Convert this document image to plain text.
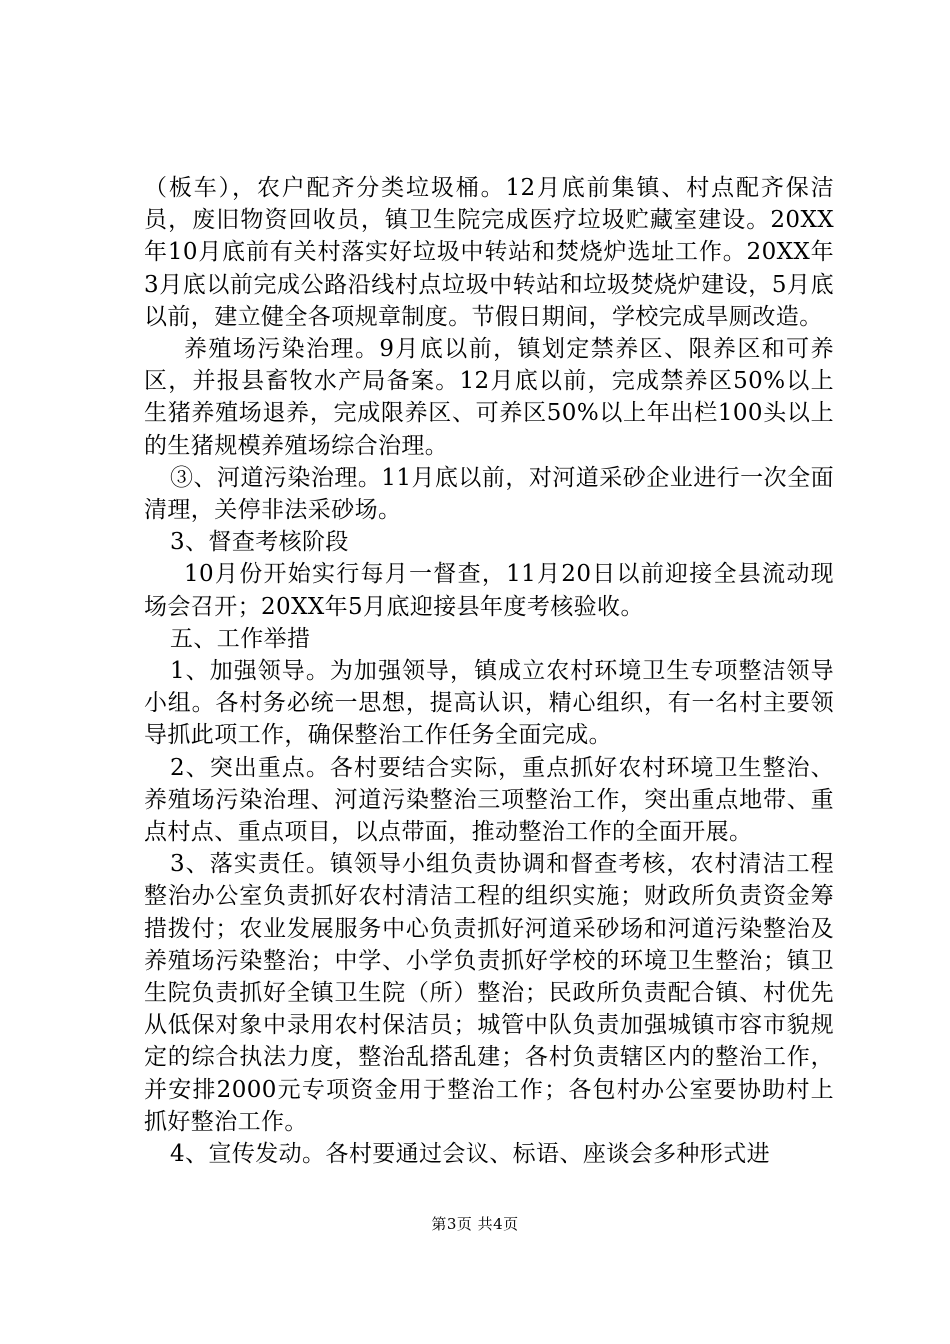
（板车），农户配齐分类垃圾桶。12月底前集镇、村点配齐保洁员，废旧物资回收员，镇卫生院完成医疗垃圾贮藏室建设。20XX年10月底前有关村落实好垃圾中转站和焚烧炉选址工作。20XX年3月底以前完成公路沿线村点垃圾中转站和垃圾焚烧炉建设，5月底以前，建立健全各项规章制度。节假日期间，学校完成旱厕改造。

养殖场污染治理。9月底以前，镇划定禁养区、限养区和可养区，并报县畜牧水产局备案。12月底以前，完成禁养区50%以上生猪养殖场退养，完成限养区、可养区50%以上年出栏100头以上的生猪规模养殖场综合治理。

③、河道污染治理。11月底以前，对河道采砂企业进行一次全面清理，关停非法采砂场。

3、督查考核阶段

10月份开始实行每月一督查，11月20日以前迎接全县流动现场会召开；20XX年5月底迎接县年度考核验收。

五、工作举措

1、加强领导。为加强领导，镇成立农村环境卫生专项整洁领导小组。各村务必统一思想，提高认识，精心组织，有一名村主要领导抓此项工作，确保整治工作任务全面完成。

2、突出重点。各村要结合实际，重点抓好农村环境卫生整治、养殖场污染治理、河道污染整治三项整治工作，突出重点地带、重点村点、重点项目，以点带面，推动整治工作的全面开展。

3、落实责任。镇领导小组负责协调和督查考核，农村清洁工程整治办公室负责抓好农村清洁工程的组织实施；财政所负责资金筹措拨付；农业发展服务中心负责抓好河道采砂场和河道污染整治及养殖场污染整治；中学、小学负责抓好学校的环境卫生整治；镇卫生院负责抓好全镇卫生院（所）整治；民政所负责配合镇、村优先从低保对象中录用农村保洁员；城管中队负责加强城镇市容市貌规定的综合执法力度，整治乱搭乱建；各村负责辖区内的整治工作，并安排2000元专项资金用于整治工作；各包村办公室要协助村上抓好整治工作。

4、宣传发动。各村要通过会议、标语、座谈会多种形式进

第3页 共4页
